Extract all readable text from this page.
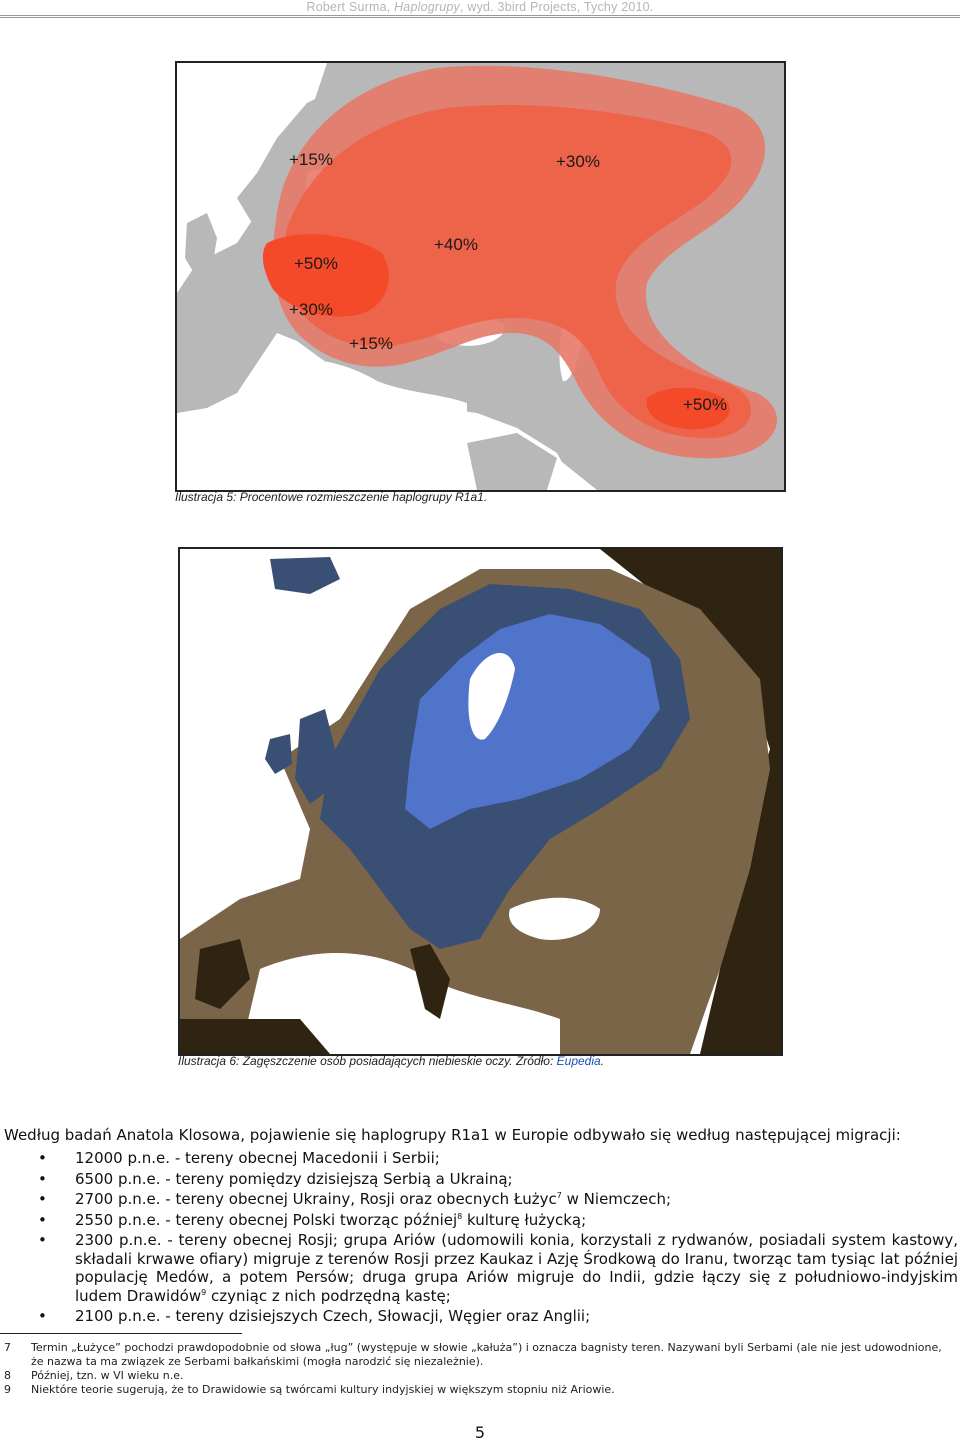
Robert Surma, Haplogrupy, wyd. 3bird Projects, Tychy 2010.
+15%	+30%
+50%
+40%
+30%
+15%
+50%
Ilustracja 5: Procentowe rozmieszczenie haplogrupy R1a1.
Ilustracja 6: Zagęszczenie osób posiadających niebieskie oczy. Źródło: Eupedia.
Według badań Anatola Klosowa, pojawienie się haplogrupy R1a1 w Europie odbywało się według następującej migracji:
• 12000 p.n.e. - tereny obecnej Macedonii i Serbii;
• 6500 p.n.e. - tereny pomiędzy dzisiejszą Serbią a Ukrainą;
• 2700 p.n.e. - tereny obecnej Ukrainy, Rosji oraz obecnych Łużyc$^7$ w Niemczech;
• 2550 p.n.e. - tereny obecnej Polski tworząc później$^8$ kulturę łużycką;
• 2300 p.n.e. - tereny obecnej Rosji; grupa Ariów (udomowili konia, korzystali z rydwanów, posiadali system kastowy, składali krwawe ofiary) migruje z terenów Rosji przez Kaukaz i Azję Środkową do Iranu, tworząc tam tysiąc lat później populację Medów, a potem Persów; druga grupa Ariów migruje do Indii, gdzie łączy się z południowo-indyjskim ludem Drawidów$^9$ czyniąc z nich podrzędną kastę;
• 2100 p.n.e. - tereny dzisiejszych Czech, Słowacji, Węgier oraz Anglii;
7	Termin „Łużyce” pochodzi prawdopodobnie od słowa „ług” (występuje w słowie „kałuża”) i oznacza bagnisty teren. Nazywani byli Serbami (ale nie jest udowodnione, że nazwa ta ma związek ze Serbami bałkańskimi (mogła narodzić się niezależnie).
8	Później, tzn. w VI wieku n.e.
9	Niektóre teorie sugerują, że to Drawidowie są twórcami kultury indyjskiej w większym stopniu niż Ariowie.
5
